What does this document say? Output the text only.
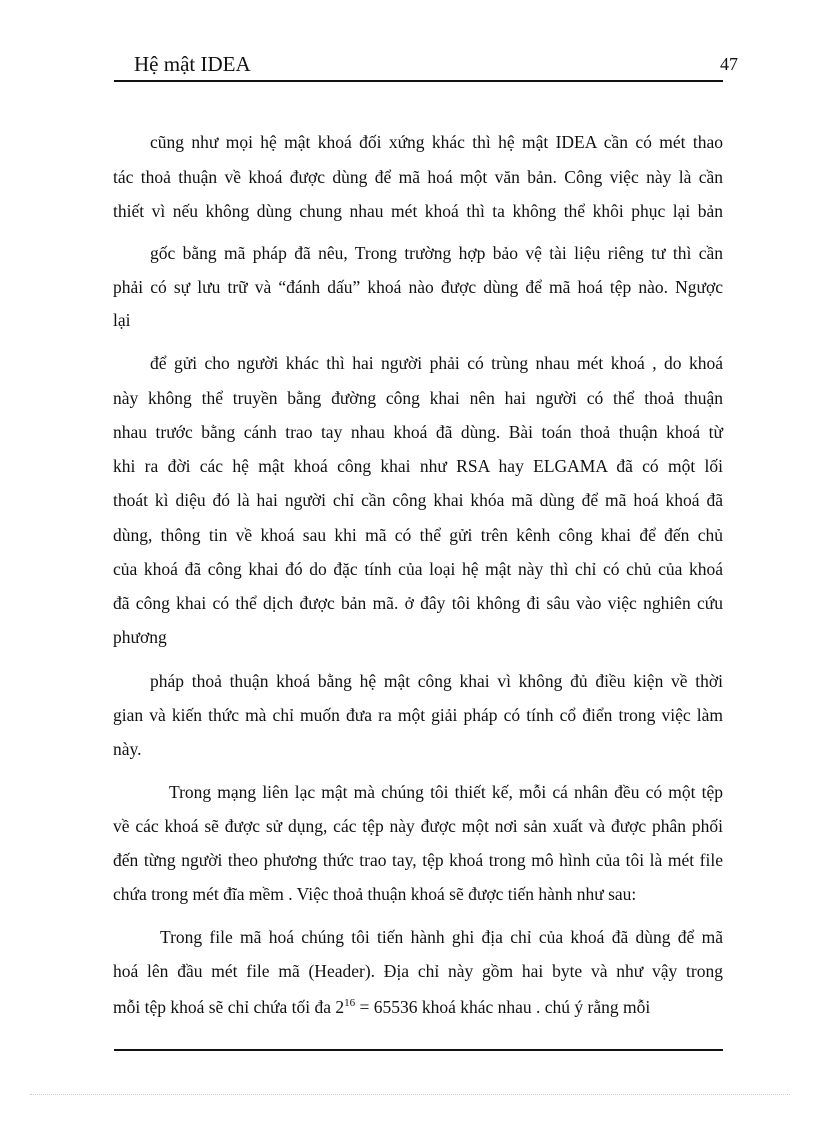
Hệ mật IDEA	47
cũng như mọi hệ mật khoá đối xứng khác thì hệ mật IDEA cần có mét thao
tác thoả thuận về khoá được dùng để mã hoá một văn bản. Công việc này là cần
thiết vì nếu không dùng chung nhau mét khoá thì ta không thể khôi phục lại bản
gốc bằng mã pháp đã nêu, Trong trường hợp bảo vệ tài liệu riêng tư thì cần
phải có sự lưu trữ và “đánh dấu” khoá nào được dùng để mã hoá tệp nào. Ngược
lại
để gửi cho người khác thì hai người phải có trùng nhau mét khoá , do khoá
này không thể truyền bằng đường công khai nên hai người có thể thoả thuận
nhau trước bằng cánh trao tay nhau khoá đã dùng. Bài toán thoả thuận khoá từ
khi ra đời các hệ mật khoá công khai như RSA hay ELGAMA đã có một lối
thoát kì diệu đó là hai người chỉ cần công khai khóa mã dùng để mã hoá khoá đã
dùng, thông tin về khoá sau khi mã có thể gửi trên kênh công khai để đến chủ
của khoá đã công khai đó do đặc tính của loại hệ mật này thì chỉ có chủ của khoá
đã công khai có thể dịch được bản mã. ở đây tôi không đi sâu vào việc nghiên cứu
phương
pháp thoả thuận khoá bằng hệ mật công khai vì không đủ điều kiện về thời
gian và kiến thức mà chỉ muốn đưa ra một giải pháp có tính cổ điển trong việc làm
này.
Trong mạng liên lạc mật mà chúng tôi thiết kế, mỗi cá nhân đều có một tệp
về các khoá sẽ được sử dụng, các tệp này được một nơi sản xuất và được phân phối
đến từng người theo phương thức trao tay, tệp khoá trong mô hình của tôi là mét file
chứa trong mét đĩa mềm . Việc thoả thuận khoá sẽ được tiến hành như sau:
Trong file mã hoá chúng tôi tiến hành ghi địa chỉ của khoá đã dùng để mã
hoá lên đầu mét file mã (Header). Địa chỉ này gồm hai byte và như vậy trong
mỗi tệp khoá sẽ chỉ chứa tối đa $2^{16} = 65536$ khoá khác nhau . chú ý rằng mỗi
